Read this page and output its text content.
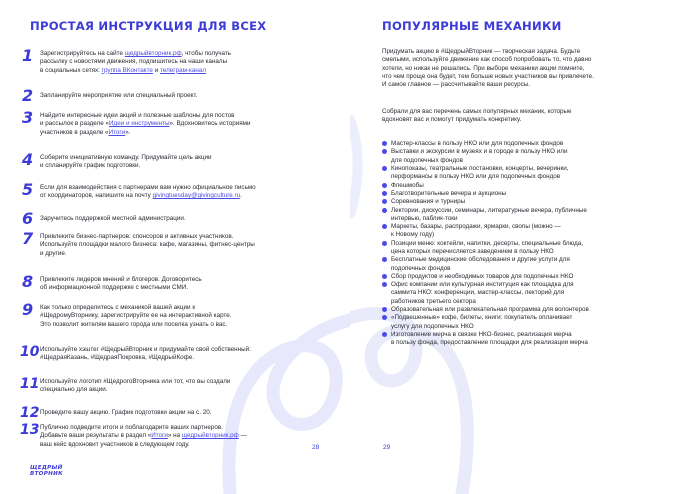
ПРОСТАЯ ИНСТРУКЦИЯ ДЛЯ ВСЕХ
1	Зарегистрируйтесь на сайте щедрыйвторник.рф, чтобы получать
рассылку с новостями движения, подпишитесь на наши каналы
в социальных сетях: группа ВКонтакте и телеграм-канал

2	Запланируйте мероприятие или специальный проект.

3	Найдите интересные идеи акций и полезные шаблоны для постов
и рассылок в разделе «Идеи и инструменты». Вдохновитесь историями
участников в разделе «Итоги».

4	Соберите инициативную команду. Придумайте цель акции
и спланируйте график подготовки.

5	Если для взаимодействия с партнерами вам нужно официальное письмо
от координаторов, напишите на почту givingtuesday@givingculture.ru.

6	Заручитесь поддержкой местной администрации.

7	Привлеките бизнес-партнеров: спонсоров и активных участников.
Используйте площадки малого бизнеса: кафе, магазины, фитнес-центры
и другие.

8	Привлеките лидеров мнений и блогеров. Договоритесь
об информационной поддержке с местными СМИ.

9	Как только определитесь с механикой вашей акции к
#ЩедромуВторнику, зарегистрируйте ее на интерактивной карте.
Это позволит жителям вашего города или поселка узнать о вас.

10 Используйте хэштег #ЩедрыйВторник и придумайте свой собственный:
#ЩедраяКазань, #ЩедраяПокровка, #ЩедрыйКофе.

11 Используйте логотип #ЩедрогоВторника или тот, что вы создали
специально для акции.

12 Проведите вашу акцию. График подготовки акции на с. 20.

13 Публично подведите итоги и поблагодарите ваших партнеров.
Добавьте ваши результаты в раздел «Итоги» на щедрыйвторник.рф —
ваш кейс вдохновит участников в следующем году.

ЩЕДРЫЙ
ВТОРНИК
28
ПОПУЛЯРНЫЕ МЕХАНИКИ

Придумать акцию в #ЩедрыйВторник — творческая задача. Будьте
смелыми, используйте движение как способ попробовать то, что давно
хотели, но никак не решались. При выборе механики акции помните,
что чем проще она будет, тем больше новых участников вы привлечете.
И самое главное — рассчитывайте ваши ресурсы.

Собрали для вас перечень самых популярных механик, которые
вдохновят вас и помогут придумать конкретику.

Мастер-классы в пользу НКО или для подопечных фондов
Выставки и экскурсии в музеях и в городе в пользу НКО или
для подопечных фондов
Кинопоказы, театральные постановки, концерты, вечеринки,
перформансы в пользу НКО или для подопечных фондов
Флешмобы
Благотворительные вечера и аукционы
Соревнования и турниры
Лектории, дискуссии, семинары, литературные вечера, публичные
интервью, паблик-токи
Маркеты, базары, распродажи, ярмарки, свопы (можно —
к Новому году)
Позиции меню: коктейли, напитки, десерты, специальные блюда,
цена которых перечисляется заведением в пользу НКО
Бесплатные медицинские обследования и другие услуги для
подопечных фондов
Сбор продуктов и необходимых товаров для подопечных НКО
Офис компании или культурная институция как площадка для
саммита НКО: конференции, мастер-классы, лекторий для
работников третьего сектора
Образовательная или развлекательная программа для волонтеров
«Подвешенные» кофе, билеты, книги: покупатель оплачивает
услугу для подопечных НКО
Изготовление мерча в связке НКО-бизнес, реализация мерча
в пользу фонда, предоставление площадки для реализации мерча
29
